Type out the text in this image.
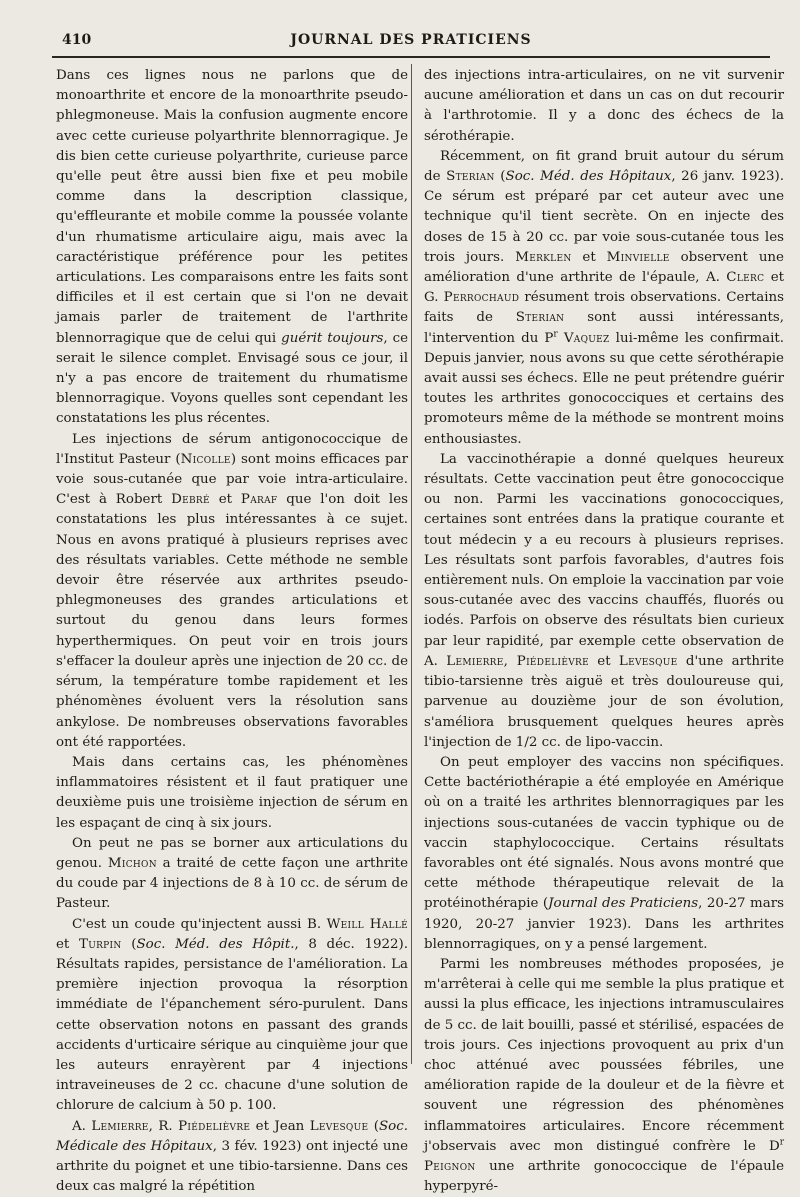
410	JOURNAL DES PRATICIENS

Dans ces lignes nous ne parlons que de monoarthrite et encore de la monoarthrite pseudo-phlegmoneuse. Mais la confusion augmente encore avec cette curieuse polyarthrite blennorragique. Je dis bien cette curieuse polyarthrite, curieuse parce qu'elle peut être aussi bien fixe et peu mobile comme dans la description classique, qu'effleurante et mobile comme la poussée volante d'un rhumatisme articulaire aigu, mais avec la caractéristique préférence pour les petites articulations. Les comparaisons entre les faits sont difficiles et il est certain que si l'on ne devait jamais parler de traitement de l'arthrite blennorragique que de celui qui guérit toujours, ce serait le silence complet. Envisagé sous ce jour, il n'y a pas encore de traitement du rhumatisme blennorragique. Voyons quelles sont cependant les constatations les plus récentes.

Les injections de sérum antigonococcique de l'Institut Pasteur (Nicolle) sont moins efficaces par voie sous-cutanée que par voie intra-articulaire. C'est à Robert Debré et Paraf que l'on doit les constatations les plus intéressantes à ce sujet. Nous en avons pratiqué à plusieurs reprises avec des résultats variables. Cette méthode ne semble devoir être réservée aux arthrites pseudo-phlegmoneuses des grandes articulations et surtout du genou dans leurs formes hyperthermiques. On peut voir en trois jours s'effacer la douleur après une injection de 20 cc. de sérum, la température tombe rapidement et les phénomènes évoluent vers la résolution sans ankylose. De nombreuses observations favorables ont été rapportées.

Mais dans certains cas, les phénomènes inflammatoires résistent et il faut pratiquer une deuxième puis une troisième injection de sérum en les espaçant de cinq à six jours.

On peut ne pas se borner aux articulations du genou. Michon a traité de cette façon une arthrite du coude par 4 injections de 8 à 10 cc. de sérum de Pasteur.

C'est un coude qu'injectent aussi B. Weill Hallé et Turpin (Soc. Méd. des Hôpit., 8 déc. 1922). Résultats rapides, persistance de l'amélioration. La première injection provoqua la résorption immédiate de l'épanchement séro-purulent. Dans cette observation notons en passant des grands accidents d'urticaire sérique au cinquième jour que les auteurs enrayèrent par 4 injections intraveineuses de 2 cc. chacune d'une solution de chlorure de calcium à 50 p. 100.

A. Lemierre, R. Piédelièvre et Jean Levesque (Soc. Médicale des Hôpitaux, 3 fév. 1923) ont injecté une arthrite du poignet et une tibio-tarsienne. Dans ces deux cas malgré la répétition

des injections intra-articulaires, on ne vit survenir aucune amélioration et dans un cas on dut recourir à l'arthrotomie. Il y a donc des échecs de la sérothérapie.

Récemment, on fit grand bruit autour du sérum de Sterian (Soc. Méd. des Hôpitaux, 26 janv. 1923). Ce sérum est préparé par cet auteur avec une technique qu'il tient secrète. On en injecte des doses de 15 à 20 cc. par voie sous-cutanée tous les trois jours. Merklen et Minvielle observent une amélioration d'une arthrite de l'épaule, A. Clerc et G. Perrochaud résument trois observations. Certains faits de Sterian sont aussi intéressants, l'intervention du $P^r$ Vaquez lui-même les confirmait. Depuis janvier, nous avons su que cette sérothérapie avait aussi ses échecs. Elle ne peut prétendre guérir toutes les arthrites gonococciques et certains des promoteurs même de la méthode se montrent moins enthousiastes.

La vaccinothérapie a donné quelques heureux résultats. Cette vaccination peut être gonococcique ou non. Parmi les vaccinations gonococciques, certaines sont entrées dans la pratique courante et tout médecin y a eu recours à plusieurs reprises. Les résultats sont parfois favorables, d'autres fois entièrement nuls. On emploie la vaccination par voie sous-cutanée avec des vaccins chauffés, fluorés ou iodés. Parfois on observe des résultats bien curieux par leur rapidité, par exemple cette observation de A. Lemierre, Piédelièvre et Levesque d'une arthrite tibio-tarsienne très aiguë et très douloureuse qui, parvenue au douzième jour de son évolution, s'améliora brusquement quelques heures après l'injection de 1/2 cc. de lipo-vaccin.

On peut employer des vaccins non spécifiques. Cette bactériothérapie a été employée en Amérique où on a traité les arthrites blennorragiques par les injections sous-cutanées de vaccin typhique ou de vaccin staphylococcique. Certains résultats favorables ont été signalés. Nous avons montré que cette méthode thérapeutique relevait de la protéinothérapie (Journal des Praticiens, 20-27 mars 1920, 20-27 janvier 1923). Dans les arthrites blennorragiques, on y a pensé largement.

Parmi les nombreuses méthodes proposées, je m'arrêterai à celle qui me semble la plus pratique et aussi la plus efficace, les injections intramusculaires de 5 cc. de lait bouilli, passé et stérilisé, espacées de trois jours. Ces injections provoquent au prix d'un choc atténué avec poussées fébriles, une amélioration rapide de la douleur et de la fièvre et souvent une régression des phénomènes inflammatoires articulaires. Encore récemment j'observais avec mon distingué confrère le $D^r$ Peignon une arthrite gonococcique de l'épaule hyperpyré-
